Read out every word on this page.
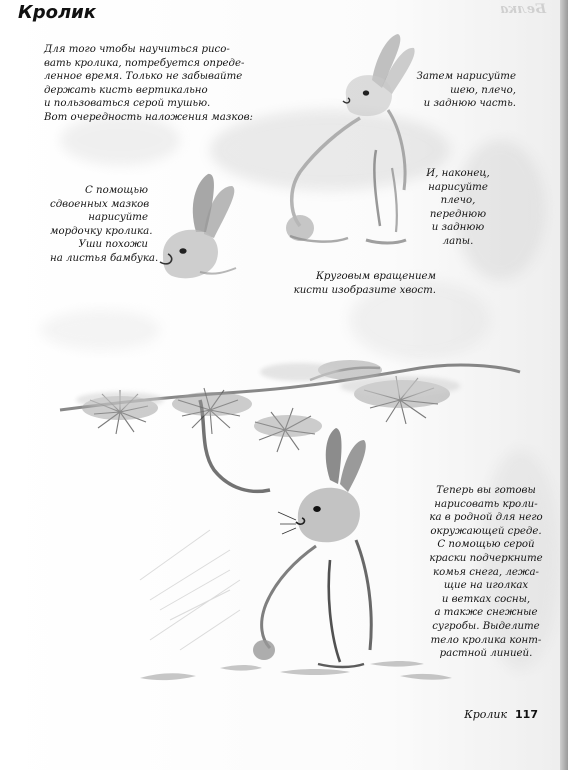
Белка
Кролик
Для того чтобы научиться рисо-
вать кролика, потребуется опреде-
ленное время. Только не забывайте
держать кисть вертикально
и пользоваться серой тушью.
Вот очередность наложения мазков:
С помощью
сдвоенных мазков
нарисуйте
мордочку кролика.
Уши похожи
на листья бамбука.
Затем нарисуйте
шею, плечо,
и заднюю часть.
И, наконец,
нарисуйте
плечо,
переднюю
и заднюю
лапы.
Круговым вращением
кисти изобразите хвост.
Теперь вы готовы
нарисовать кроли-
ка в родной для него
окружающей среде.
С помощью серой
краски подчеркните
комья снега, лежа-
щие на иголках
и ветках сосны,
а также снежные
сугробы. Выделите
тело кролика конт-
растной линией.
Кролик 117
